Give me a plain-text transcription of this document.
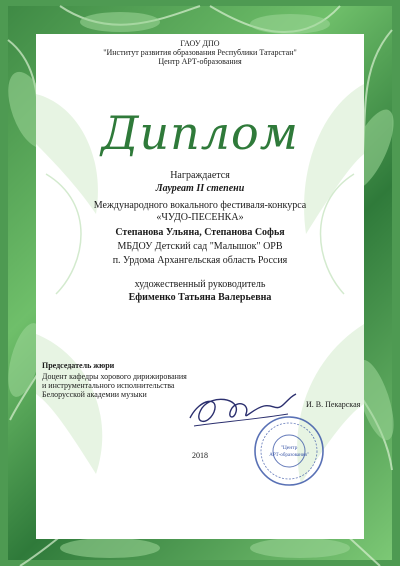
ГАОУ ДПО
"Институт развития образования Республики Татарстан"
Центр АРТ-образования
Диплом
Награждается
Лауреат II степени
Международного вокального фестиваля-конкурса
«ЧУДО-ПЕСЕНКА»
Степанова Ульяна, Степанова Софья
МБДОУ Детский сад "Малышок" ОРВ
п. Урдома Архангельская область Россия
художественный руководитель
Ефименко Татьяна Валерьевна
Председатель жюри
Доцент кафедры хорового дирижирования
и инструментального исполнительства
Белорусской академии музыки
И. В. Пекарская
2018
"Центр
АРТ-образования"
